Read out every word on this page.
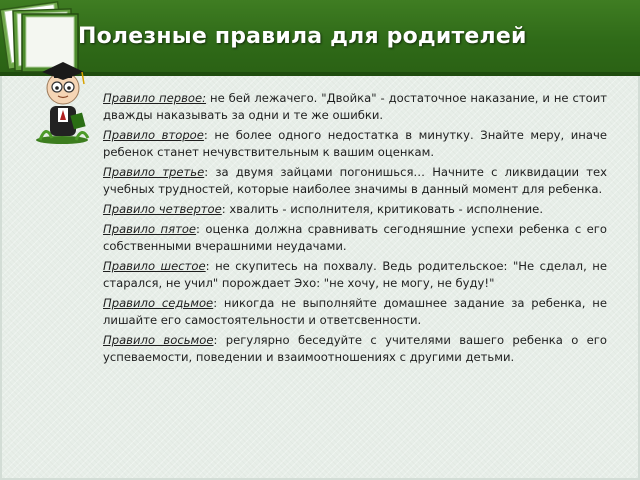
Полезные правила для родителей

Правило первое: не бей лежачего. "Двойка" - достаточное наказание, и не стоит дважды наказывать за одни и те же ошибки.

Правило второе: не более одного недостатка в минутку. Знайте меру, иначе ребенок станет нечувствительным к вашим оценкам.

Правило третье: за двумя зайцами погонишься… Начните с ликвидации тех учебных трудностей, которые наиболее значимы в данный момент для ребенка.

Правило четвертое: хвалить - исполнителя, критиковать - исполнение.

Правило пятое: оценка должна сравнивать сегодняшние успехи ребенка с его собственными вчерашними неудачами.

Правило шестое: не скупитесь на похвалу. Ведь родительское: "Не сделал, не старался, не учил" порождает Эхо: "не хочу, не могу, не буду!"

Правило седьмое: никогда не выполняйте домашнее задание за ребенка, не лишайте его самостоятельности и ответсвенности.

Правило восьмое: регулярно беседуйте с учителями вашего ребенка о его успеваемости, поведении и взаимоотношениях с другими детьми.
